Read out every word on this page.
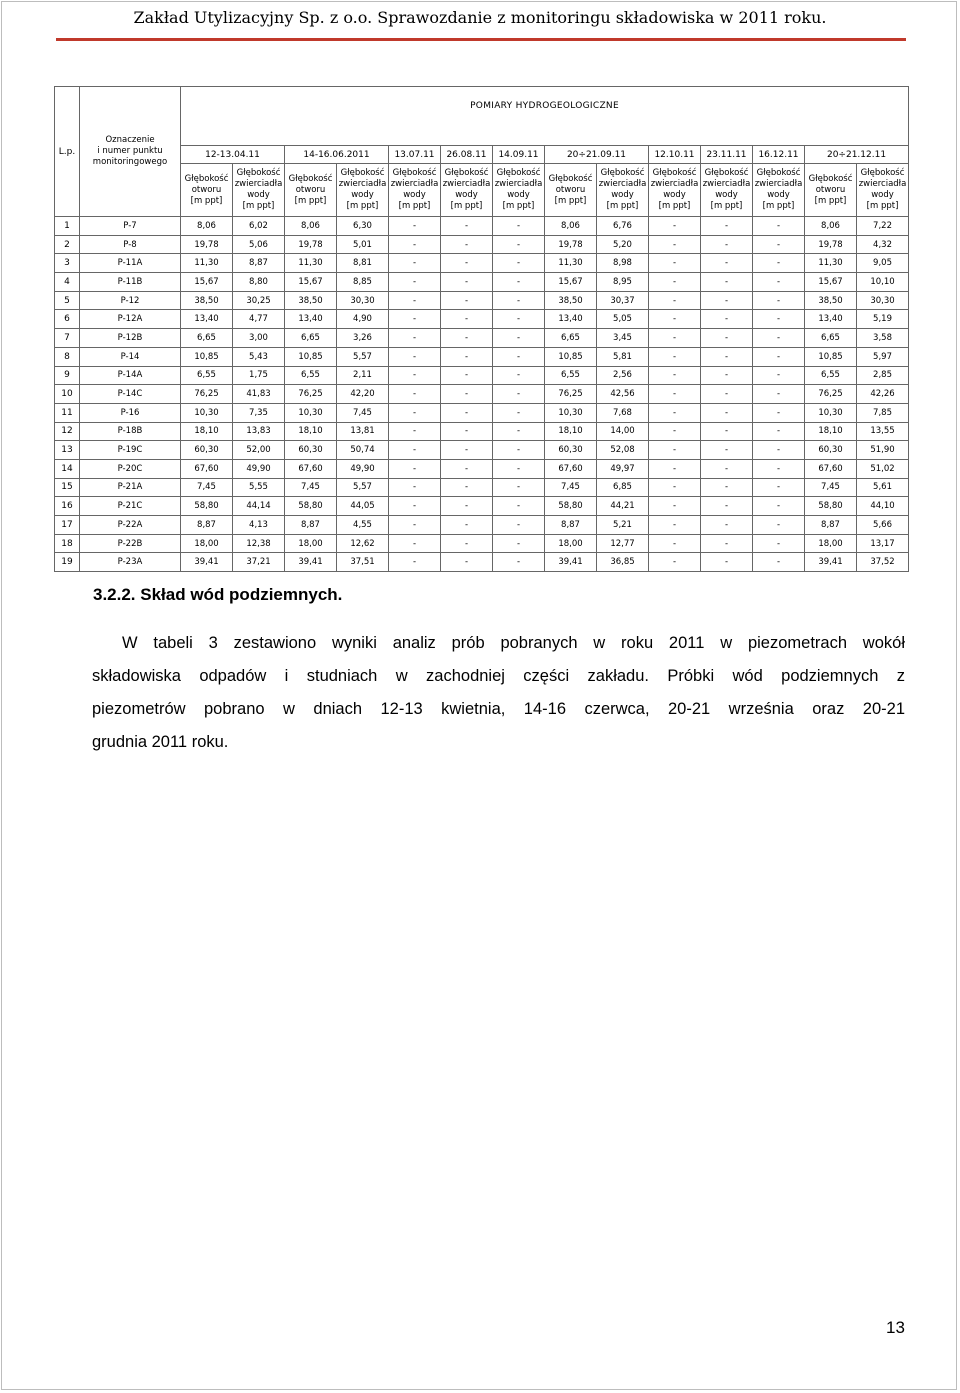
Zakład Utylizacyjny Sp. z o.o. Sprawozdanie z monitoringu składowiska w 2011 roku.
L.p.	Oznaczenie
i numer punktu
monitoringowego	POMIARY HYDROGEOLOGICZNE													
		12-13.04.11		14-16.06.2011		13.07.11	26.08.11	14.09.11	20÷21.09.11		12.10.11	23.11.11	16.12.11	20÷21.12.11	

		Głębokość
otworu
[m ppt]	Głębokość
zwierciadła
wody
[m ppt]	Głębokość
otworu
[m ppt]	Głębokość
zwierciadła
wody
[m ppt]	Głębokość
zwierciadła
wody
[m ppt]	Głębokość
zwierciadła
wody
[m ppt]	Głębokość
zwierciadła
wody
[m ppt]	Głębokość
otworu
[m ppt]	Głębokość
zwierciadła
wody
[m ppt]	Głębokość
zwierciadła
wody
[m ppt]	Głębokość
zwierciadła
wody
[m ppt]	Głębokość
zwierciadła
wody
[m ppt]	Głębokość
otworu
[m ppt]	Głębokość
zwierciadła
wody
[m ppt]

1	P-7	8,06	6,02	8,06	6,30	-	-	-	8,06	6,76	-	-	-	8,06	7,22
2	P-8	19,78	5,06	19,78	5,01	-	-	-	19,78	5,20	-	-	-	19,78	4,32
3	P-11A	11,30	8,87	11,30	8,81	-	-	-	11,30	8,98	-	-	-	11,30	9,05
4	P-11B	15,67	8,80	15,67	8,85	-	-	-	15,67	8,95	-	-	-	15,67	10,10
5	P-12	38,50	30,25	38,50	30,30	-	-	-	38,50	30,37	-	-	-	38,50	30,30
6	P-12A	13,40	4,77	13,40	4,90	-	-	-	13,40	5,05	-	-	-	13,40	5,19
7	P-12B	6,65	3,00	6,65	3,26	-	-	-	6,65	3,45	-	-	-	6,65	3,58
8	P-14	10,85	5,43	10,85	5,57	-	-	-	10,85	5,81	-	-	-	10,85	5,97
9	P-14A	6,55	1,75	6,55	2,11	-	-	-	6,55	2,56	-	-	-	6,55	2,85
10	P-14C	76,25	41,83	76,25	42,20	-	-	-	76,25	42,56	-	-	-	76,25	42,26
11	P-16	10,30	7,35	10,30	7,45	-	-	-	10,30	7,68	-	-	-	10,30	7,85
12	P-18B	18,10	13,83	18,10	13,81	-	-	-	18,10	14,00	-	-	-	18,10	13,55
13	P-19C	60,30	52,00	60,30	50,74	-	-	-	60,30	52,08	-	-	-	60,30	51,90
14	P-20C	67,60	49,90	67,60	49,90	-	-	-	67,60	49,97	-	-	-	67,60	51,02
15	P-21A	7,45	5,55	7,45	5,57	-	-	-	7,45	6,85	-	-	-	7,45	5,61
16	P-21C	58,80	44,14	58,80	44,05	-	-	-	58,80	44,21	-	-	-	58,80	44,10
17	P-22A	8,87	4,13	8,87	4,55	-	-	-	8,87	5,21	-	-	-	8,87	5,66
18	P-22B	18,00	12,38	18,00	12,62	-	-	-	18,00	12,77	-	-	-	18,00	13,17
19	P-23A	39,41	37,21	39,41	37,51	-	-	-	39,41	36,85	-	-	-	39,41	37,52
3.2.2. Skład wód podziemnych.
W tabeli 3 zestawiono wyniki analiz prób pobranych w roku 2011 w piezometrach wokół
składowiska odpadów i studniach w zachodniej części zakładu. Próbki wód podziemnych z
piezometrów pobrano w dniach 12-13 kwietnia, 14-16 czerwca, 20-21 września oraz 20-21
grudnia 2011 roku.
13
